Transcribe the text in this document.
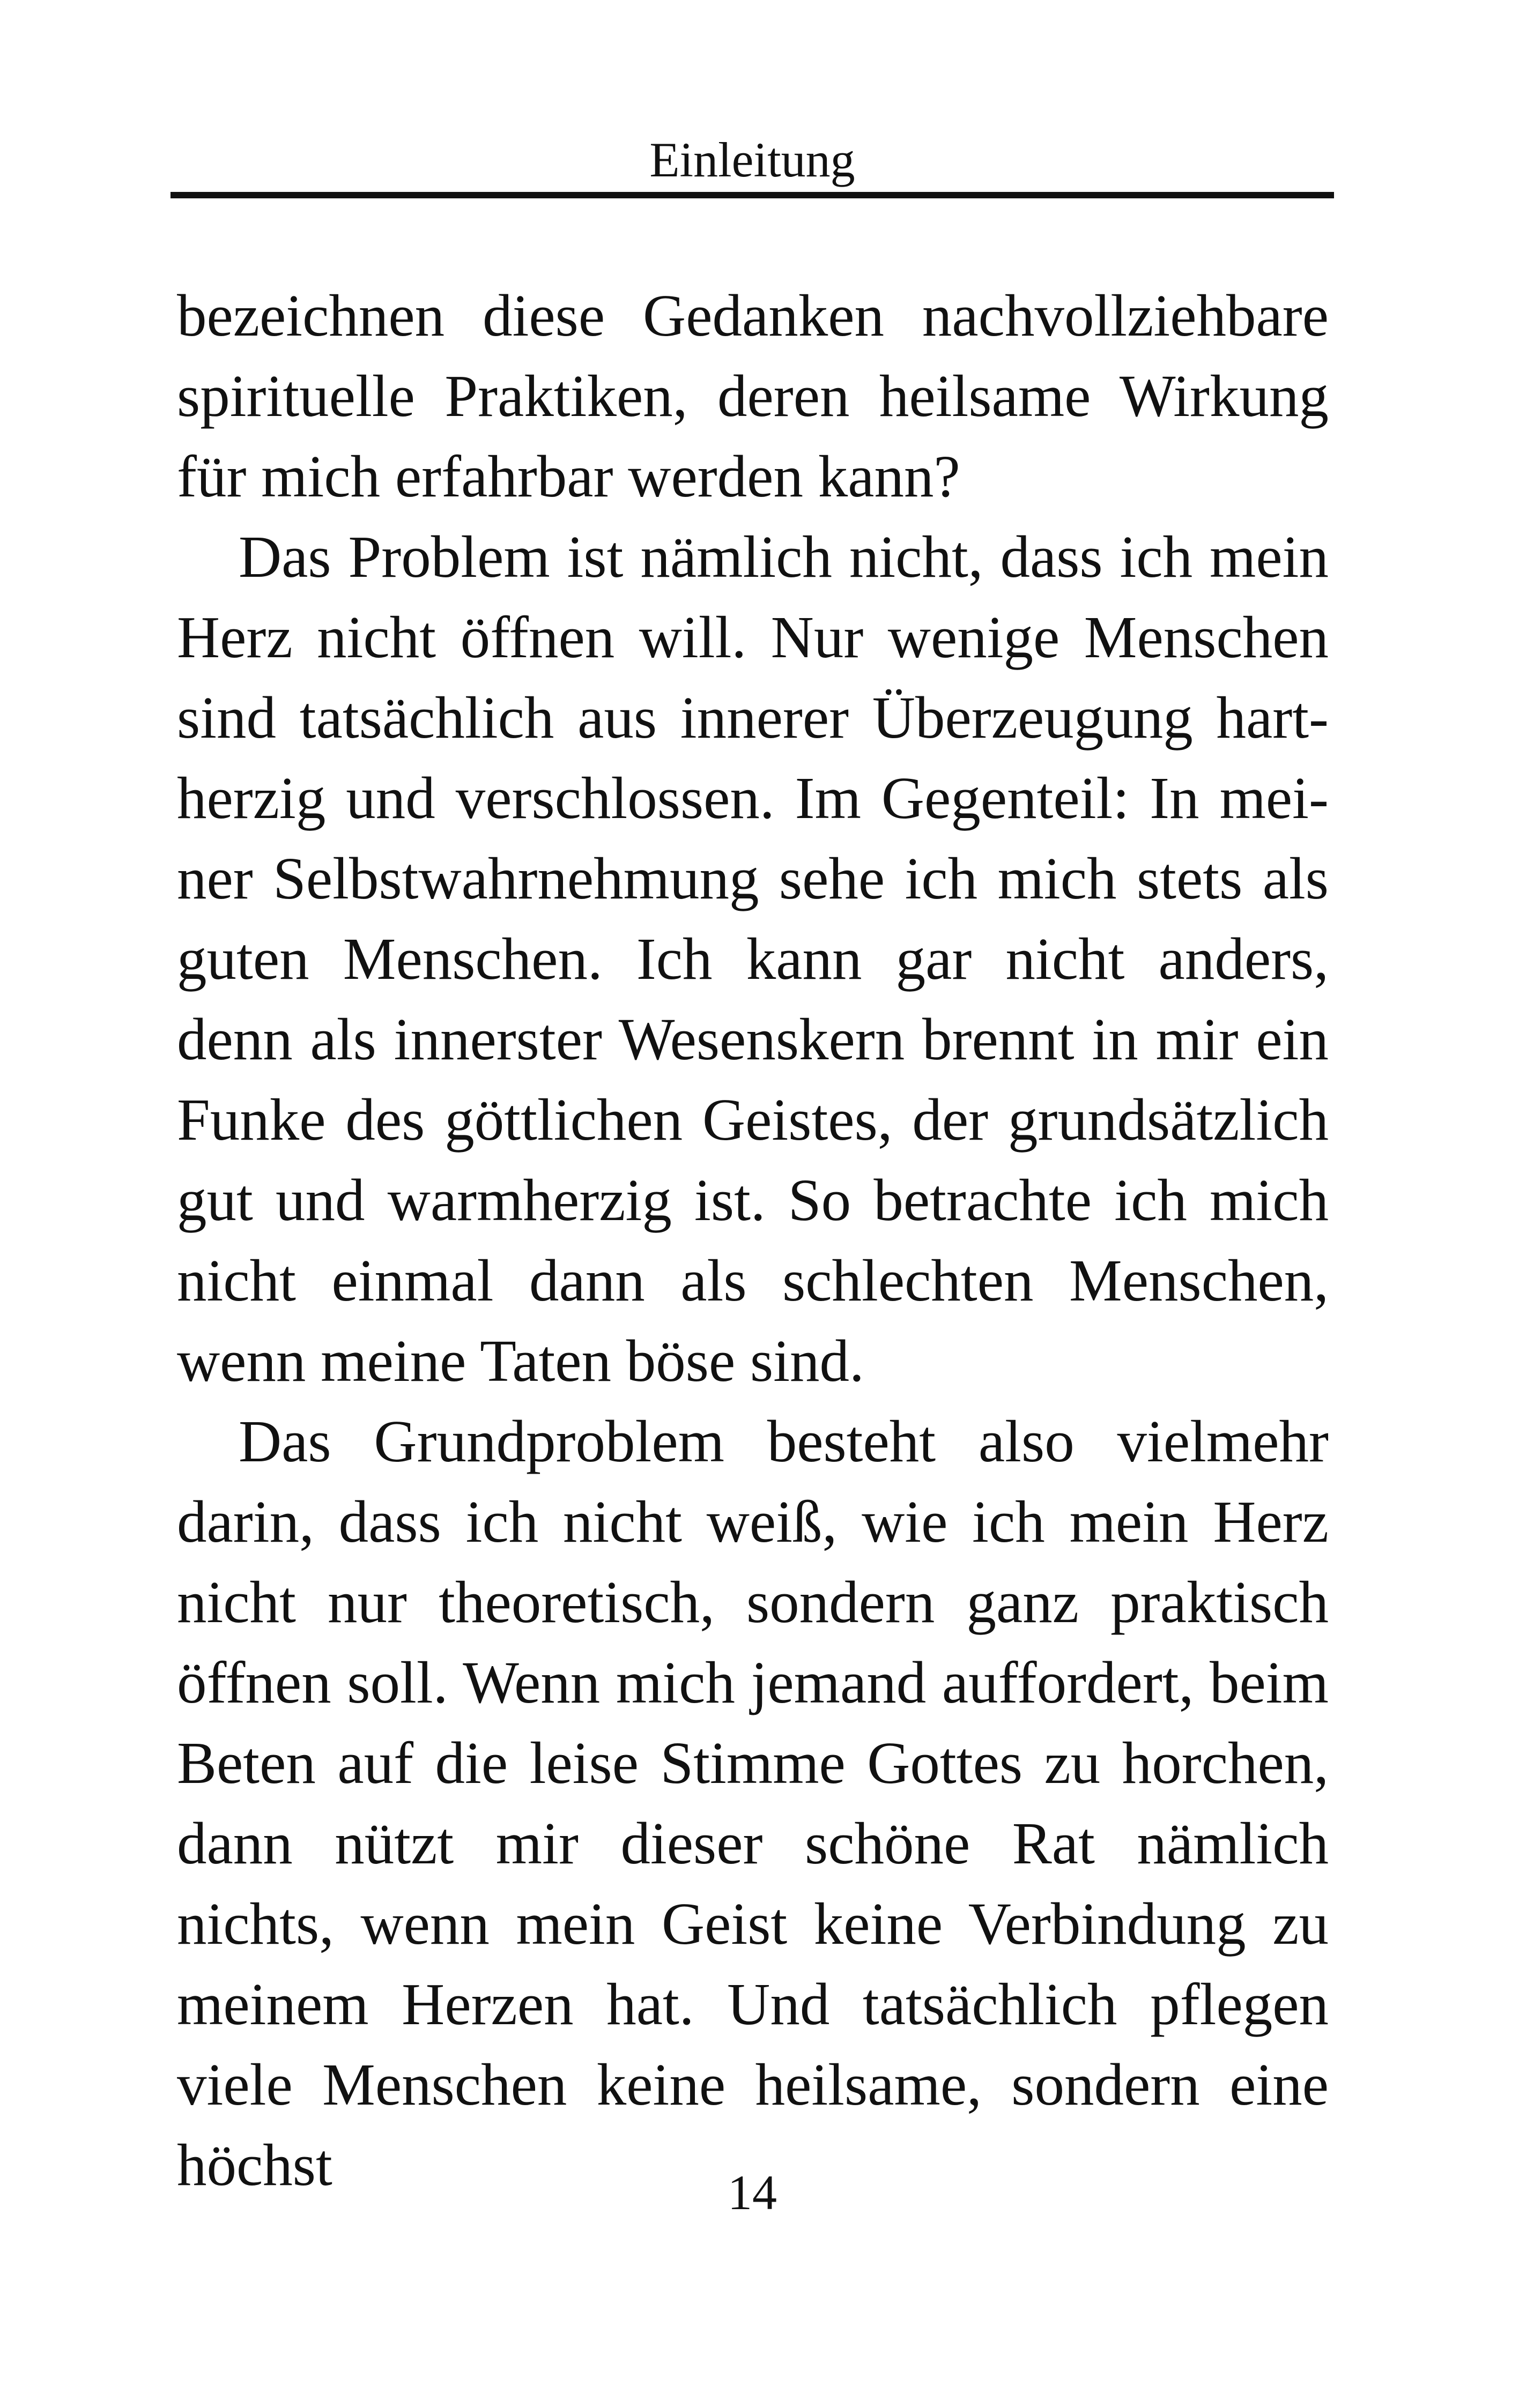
Einleitung

bezeichnen diese Gedanken nachvollziehbare spirituelle Praktiken, deren heilsame Wirkung für mich erfahrbar werden kann?

Das Problem ist nämlich nicht, dass ich mein Herz nicht öffnen will. Nur wenige Menschen sind tatsächlich aus innerer Überzeugung hartherzig und verschlossen. Im Gegenteil: In meiner Selbstwahrnehmung sehe ich mich stets als guten Menschen. Ich kann gar nicht anders, denn als innerster Wesenskern brennt in mir ein Funke des göttlichen Geistes, der grundsätzlich gut und warmherzig ist. So betrachte ich mich nicht einmal dann als schlechten Menschen, wenn meine Taten böse sind.

Das Grundproblem besteht also vielmehr darin, dass ich nicht weiß, wie ich mein Herz nicht nur theoretisch, sondern ganz praktisch öffnen soll. Wenn mich jemand auffordert, beim Beten auf die leise Stimme Gottes zu horchen, dann nützt mir dieser schöne Rat nämlich nichts, wenn mein Geist keine Verbindung zu meinem Herzen hat. Und tatsächlich pflegen viele Menschen keine heilsame, sondern eine höchst	14
